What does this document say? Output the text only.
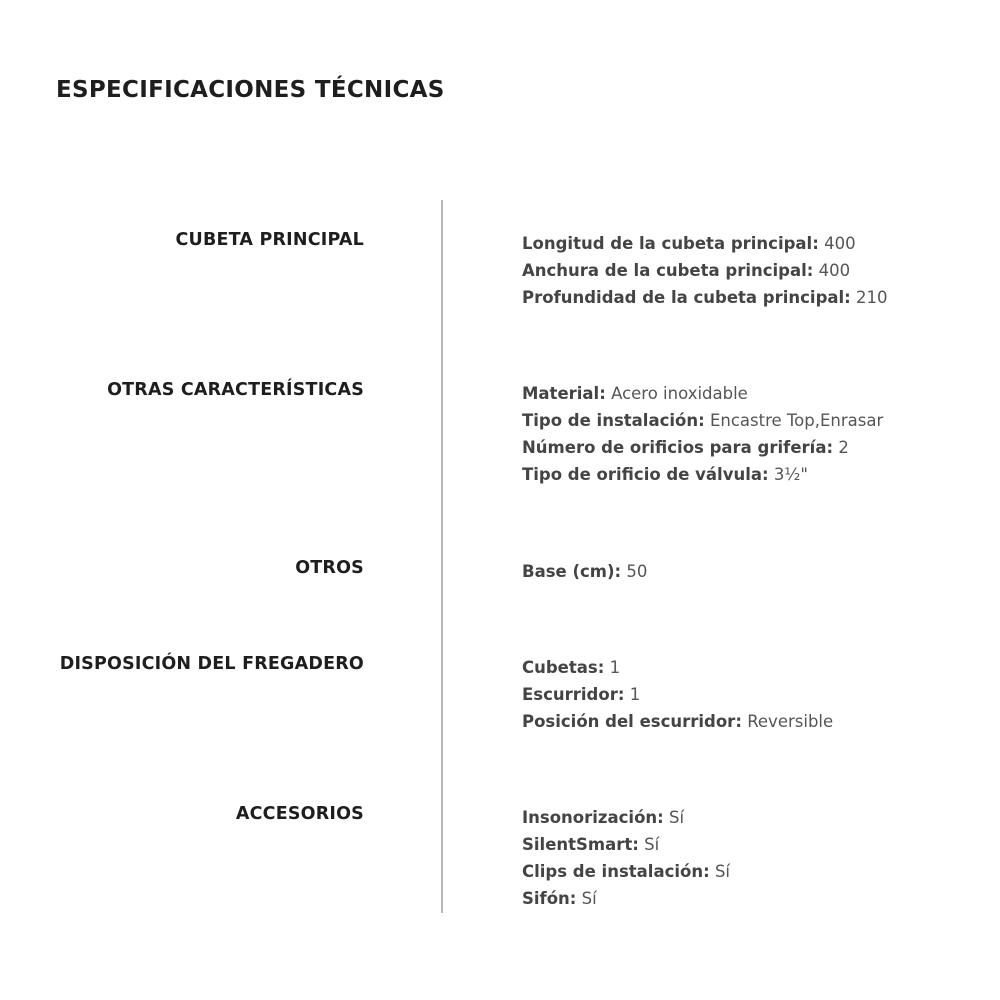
ESPECIFICACIONES TÉCNICAS
CUBETA PRINCIPAL	Longitud de la cubeta principal: 400
Anchura de la cubeta principal: 400
Profundidad de la cubeta principal: 210
OTRAS CARACTERÍSTICAS	Material: Acero inoxidable
Tipo de instalación: Encastre Top,Enrasar
Número de orificios para grifería: 2
Tipo de orificio de válvula: 3½"
OTROS	Base (cm): 50
DISPOSICIÓN DEL FREGADERO	Cubetas: 1
Escurridor: 1
Posición del escurridor: Reversible
ACCESORIOS	Insonorización: Sí
SilentSmart: Sí
Clips de instalación: Sí
Sifón: Sí
